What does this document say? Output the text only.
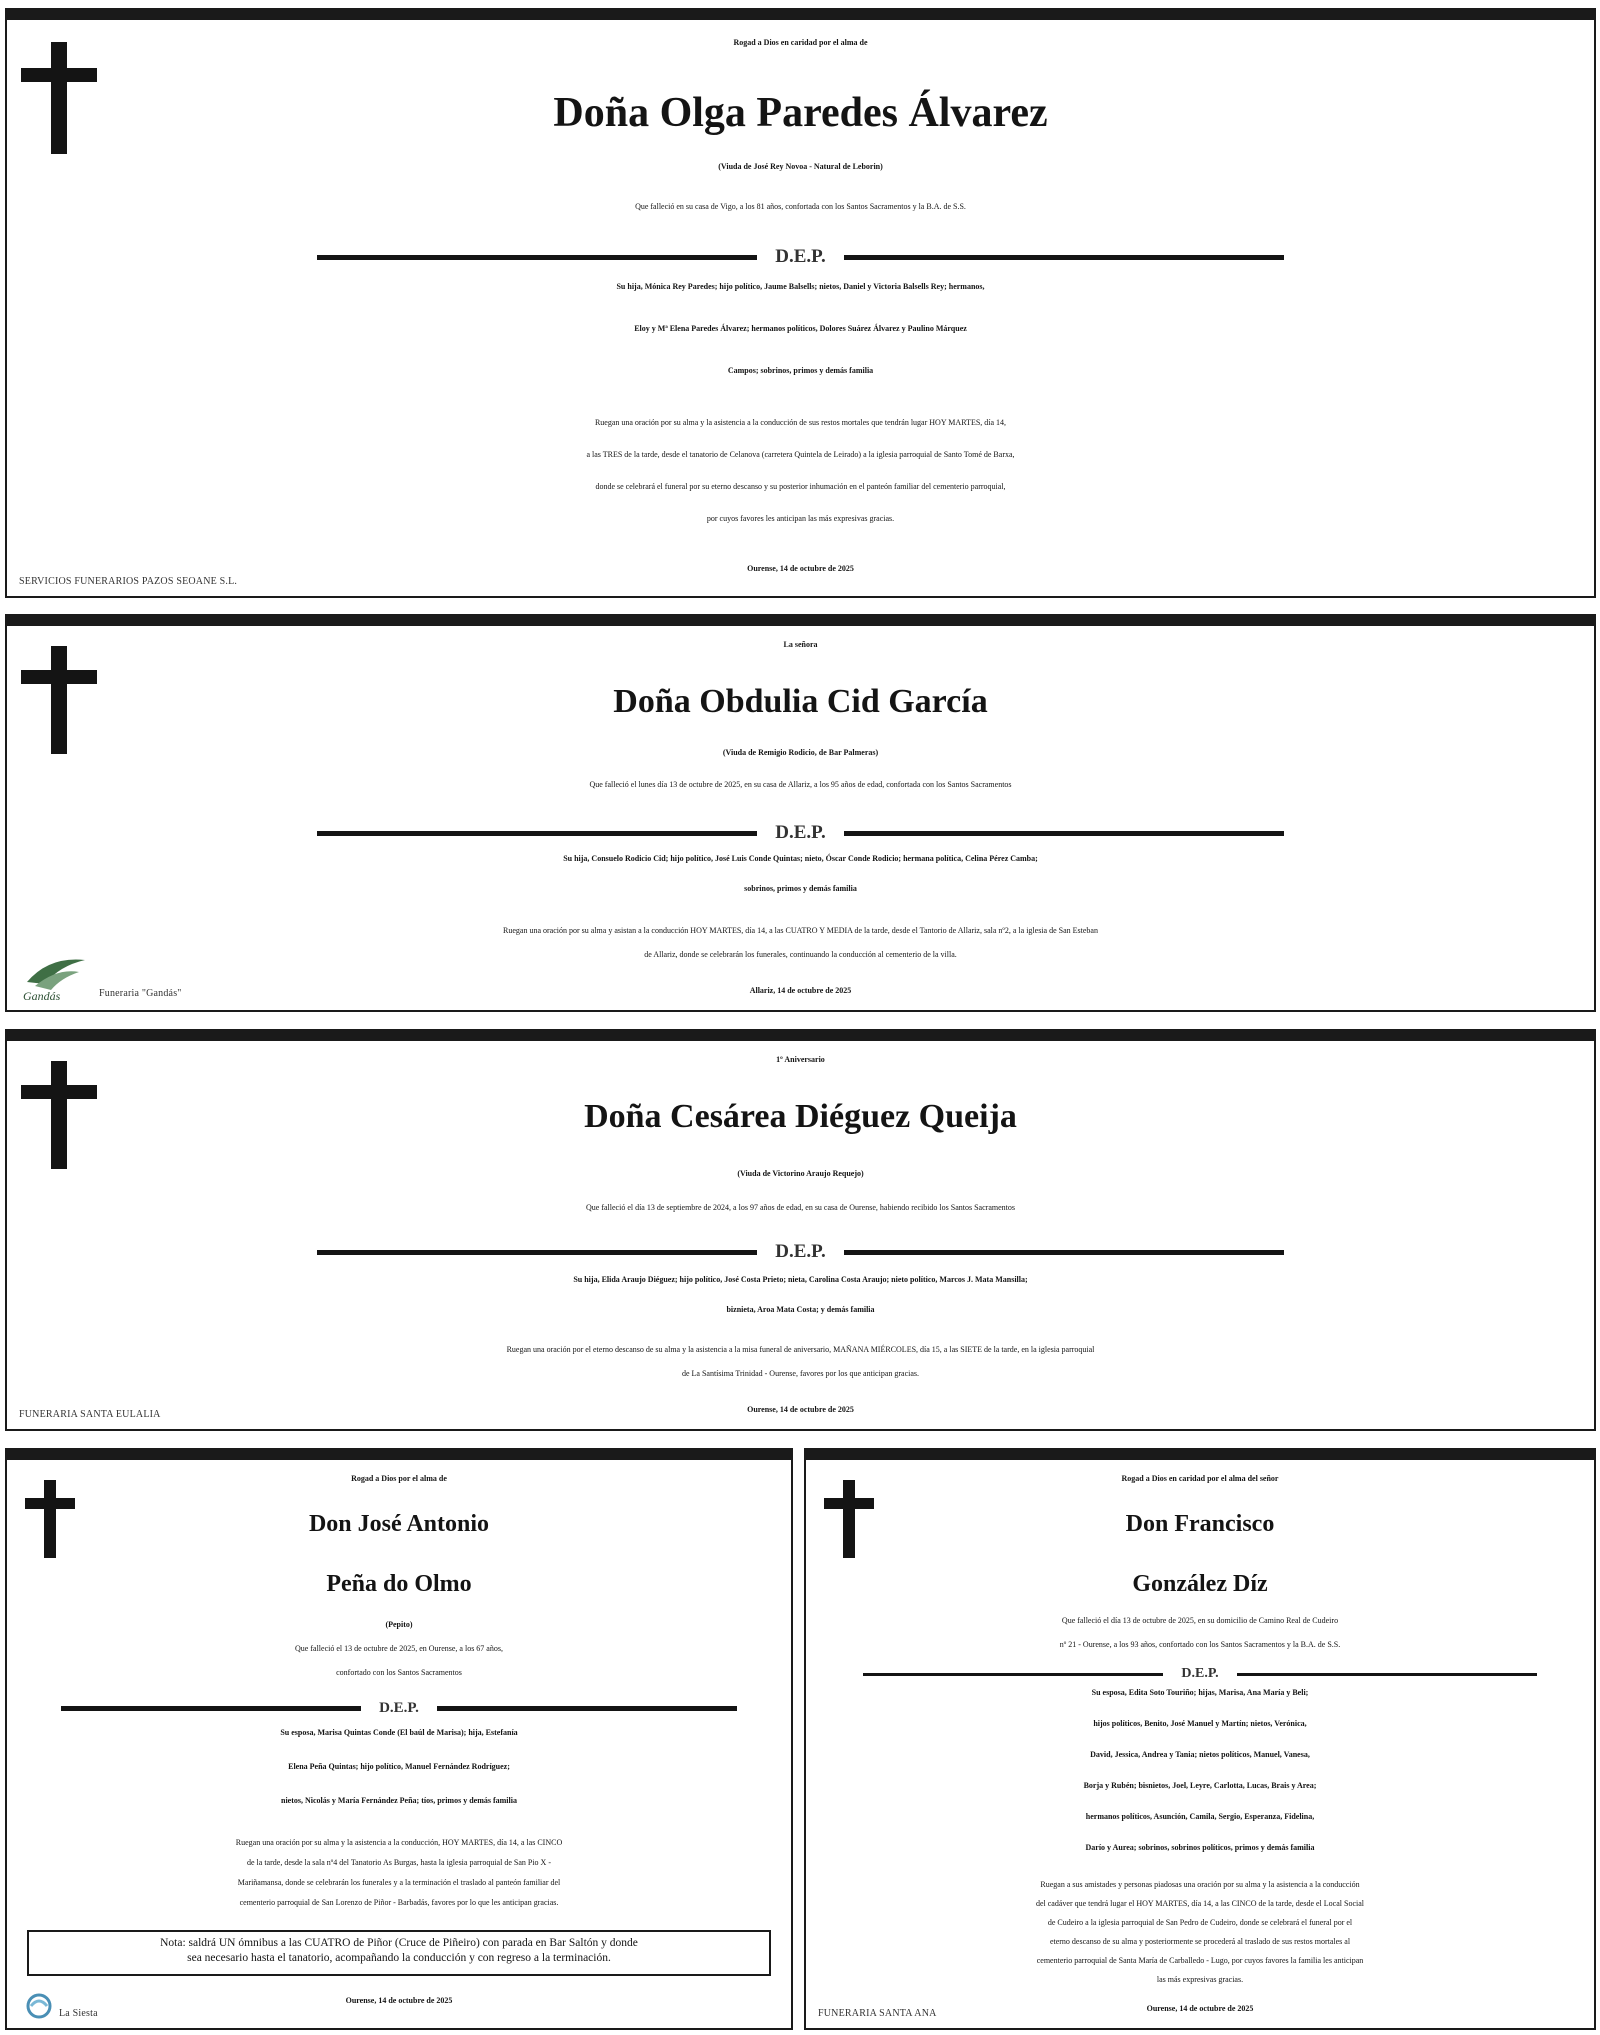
Rogad a Dios en caridad por el alma de
Doña Olga Paredes Álvarez
(Viuda de José Rey Novoa - Natural de Leborin)
Que falleció en su casa de Vigo, a los 81 años, confortada con los Santos Sacramentos y la B.A. de S.S.
D.E.P.
Su hija, Mónica Rey Paredes; hijo político, Jaume Balsells; nietos, Daniel y Victoria Balsells Rey; hermanos,
Eloy y Mª Elena Paredes Álvarez; hermanos políticos, Dolores Suárez Álvarez y Paulino Márquez
Campos; sobrinos, primos y demás familia
Ruegan una oración por su alma y la asistencia a la conducción de sus restos mortales que tendrán lugar HOY MARTES, día 14,
a las TRES de la tarde, desde el tanatorio de Celanova (carretera Quintela de Leirado) a la iglesia parroquial de Santo Tomé de Barxa,
donde se celebrará el funeral por su eterno descanso y su posterior inhumación en el panteón familiar del cementerio parroquial,
por cuyos favores les anticipan las más expresivas gracias.
SERVICIOS FUNERARIOS PAZOS SEOANE S.L.
Ourense, 14 de octubre de 2025
La señora
Doña Obdulia Cid García
(Viuda de Remigio Rodicio, de Bar Palmeras)
Que falleció el lunes día 13 de octubre de 2025, en su casa de Allariz, a los 95 años de edad, confortada con los Santos Sacramentos
D.E.P.
Su hija, Consuelo Rodicio Cid; hijo político, José Luis Conde Quintas; nieto, Óscar Conde Rodicio; hermana política, Celina Pérez Camba;
sobrinos, primos y demás familia
Ruegan una oración por su alma y asistan a la conducción HOY MARTES, día 14, a las CUATRO Y MEDIA de la tarde, desde el Tantorio de Allariz, sala nº2, a la iglesia de San Esteban
de Allariz, donde se celebrarán los funerales, continuando la conducción al cementerio de la villa.
Gandás	Funeraria "Gandás"	Allariz, 14 de octubre de 2025
1º Aniversario
Doña Cesárea Diéguez Queija
(Viuda de Victorino Araujo Requejo)
Que falleció el día 13 de septiembre de 2024, a los 97 años de edad, en su casa de Ourense, habiendo recibido los Santos Sacramentos
D.E.P.
Su hija, Elida Araujo Diéguez; hijo político, José Costa Prieto; nieta, Carolina Costa Araujo; nieto político, Marcos J. Mata Mansilla;
biznieta, Aroa Mata Costa; y demás familia
Ruegan una oración por el eterno descanso de su alma y la asistencia a la misa funeral de aniversario, MAÑANA MIÉRCOLES, día 15, a las SIETE de la tarde, en la iglesia parroquial
de La Santísima Trinidad - Ourense, favores por los que anticipan gracias.
FUNERARIA SANTA EULALIA	Ourense, 14 de octubre de 2025
Rogad a Dios por el alma de
Don José Antonio
Peña do Olmo
(Pepito)
Que falleció el 13 de octubre de 2025, en Ourense, a los 67 años,
confortado con los Santos Sacramentos
D.E.P.
Su esposa, Marisa Quintas Conde (El baúl de Marisa); hija, Estefanía
Elena Peña Quintas; hijo político, Manuel Fernández Rodríguez;
nietos, Nicolás y María Fernández Peña; tíos, primos y demás familia
Ruegan una oración por su alma y la asistencia a la conducción, HOY MARTES, día 14, a las CINCO
de la tarde, desde la sala nº4 del Tanatorio As Burgas, hasta la iglesia parroquial de San Pio X -
Mariñamansa, donde se celebrarán los funerales y a la terminación el traslado al panteón familiar del
cementerio parroquial de San Lorenzo de Piñor - Barbadás, favores por lo que les anticipan gracias.
Nota: saldrá UN ómnibus a las CUATRO de Piñor (Cruce de Piñeiro) con parada en Bar Saltón y donde
sea necesario hasta el tanatorio, acompañando la conducción y con regreso a la terminación.
La Siesta
Ourense, 14 de octubre de 2025
Rogad a Dios en caridad por el alma del señor
Don Francisco
González Díz
Que falleció el día 13 de octubre de 2025, en su domicilio de Camino Real de Cudeiro
nº 21 - Ourense, a los 93 años, confortado con los Santos Sacramentos y la B.A. de S.S.
D.E.P.
Su esposa, Edita Soto Touriño; hijas, Marisa, Ana María y Beli;
hijos políticos, Benito, José Manuel y Martín; nietos, Verónica,
David, Jessica, Andrea y Tania; nietos políticos, Manuel, Vanesa,
Borja y Rubén; bisnietos, Joel, Leyre, Carlotta, Lucas, Brais y Area;
hermanos políticos, Asunción, Camila, Sergio, Esperanza, Fidelina,
Darío y Aurea; sobrinos, sobrinos políticos, primos y demás familia
Ruegan a sus amistades y personas piadosas una oración por su alma y la asistencia a la conducción
del cadáver que tendrá lugar el HOY MARTES, día 14, a las CINCO de la tarde, desde el Local Social
de Cudeiro a la iglesia parroquial de San Pedro de Cudeiro, donde se celebrará el funeral por el
eterno descanso de su alma y posteriormente se procederá al traslado de sus restos mortales al
cementerio parroquial de Santa María de Carballedo - Lugo, por cuyos favores la familia les anticipan
las más expresivas gracias.
FUNERARIA SANTA ANA	Ourense, 14 de octubre de 2025
